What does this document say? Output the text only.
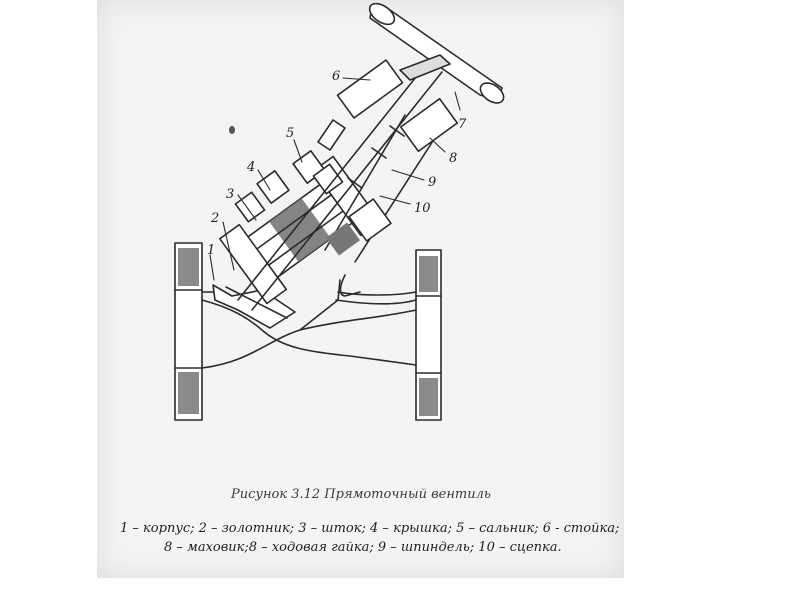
1
2
3
4
5
6
7
8
9
10
Рисунок 3.12 Прямоточный вентиль
1 – корпус; 2 – золотник; 3 – шток; 4 – крышка; 5 – сальник; 6 - стойка;
8 – маховик;8 – ходовая гайка; 9 – шпиндель; 10 – сцепка.
